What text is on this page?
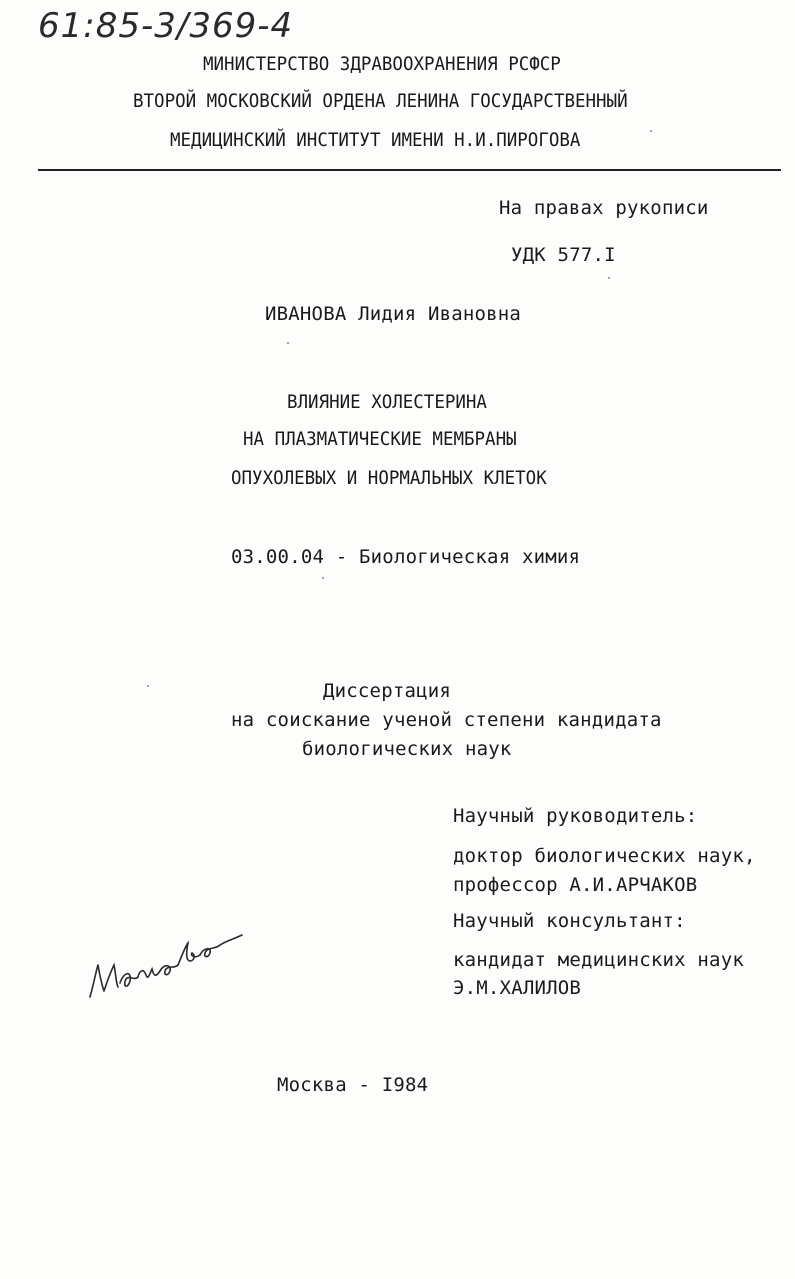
61:85-3/369-4
МИНИСТЕРСТВО ЗДРАВООХРАНЕНИЯ РСФСР
ВТОРОЙ МОСКОВСКИЙ ОРДЕНА ЛЕНИНА ГОСУДАРСТВЕННЫЙ
МЕДИЦИНСКИЙ ИНСТИТУТ ИМЕНИ Н.И.ПИРОГОВА
На правах рукописи
УДК 577.I
ИВАНОВА Лидия Ивановна
ВЛИЯНИЕ ХОЛЕСТЕРИНА
НА ПЛАЗМАТИЧЕСКИЕ МЕМБРАНЫ
ОПУХОЛЕВЫХ И НОРМАЛЬНЫХ КЛЕТОК
03.00.04 - Биологическая химия
Диссертация
на соискание ученой степени кандидата
биологических наук
Научный руководитель:
доктор биологических наук,
профессор А.И.АРЧАКОВ
Научный консультант:
кандидат медицинских наук
Э.М.ХАЛИЛОВ
Москва - I984
